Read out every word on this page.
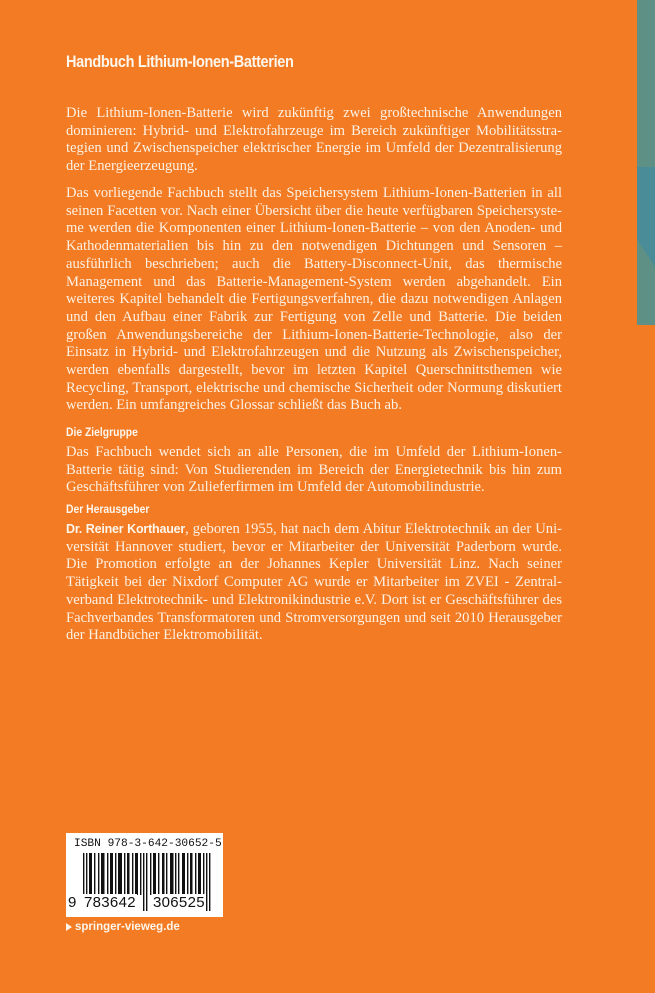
Handbuch Lithium-Ionen-Batterien

Die Lithium-Ionen-Batterie wird zukünftig zwei großtechnische Anwendungen dominieren: Hybrid- und Elektrofahrzeuge im Bereich zukünftiger Mobilitätsstrategien und Zwischenspeicher elektrischer Energie im Umfeld der Dezentralisierung der Energieerzeugung.

Das vorliegende Fachbuch stellt das Speichersystem Lithium-Ionen-Batterien in all seinen Facetten vor. Nach einer Übersicht über die heute verfügbaren Speichersysteme werden die Komponenten einer Lithium-Ionen-Batterie – von den Anoden- und Kathodenmaterialien bis hin zu den notwendigen Dichtungen und Sensoren – ausführlich beschrieben; auch die Battery-Disconnect-Unit, das thermische Management und das Batterie-Management-System werden abgehandelt. Ein weiteres Kapitel behandelt die Fertigungsverfahren, die dazu notwendigen Anlagen und den Aufbau einer Fabrik zur Fertigung von Zelle und Batterie. Die beiden großen Anwendungsbereiche der Lithium-Ionen-Batterie-Technologie, also der Einsatz in Hybrid- und Elektrofahrzeugen und die Nutzung als Zwischenspeicher, werden ebenfalls dargestellt, bevor im letzten Kapitel Querschnittsthemen wie Recycling, Transport, elektrische und chemische Sicherheit oder Normung diskutiert werden. Ein umfangreiches Glossar schließt das Buch ab.

Die Zielgruppe

Das Fachbuch wendet sich an alle Personen, die im Umfeld der Lithium-Ionen-Batterie tätig sind: Von Studierenden im Bereich der Energietechnik bis hin zum Geschäftsführer von Zulieferfirmen im Umfeld der Automobilindustrie.

Der Herausgeber

Dr. Reiner Korthauer, geboren 1955, hat nach dem Abitur Elektrotechnik an der Universität Hannover studiert, bevor er Mitarbeiter der Universität Paderborn wurde. Die Promotion erfolgte an der Johannes Kepler Universität Linz. Nach seiner Tätigkeit bei der Nixdorf Computer AG wurde er Mitarbeiter im ZVEI - Zentralverband Elektrotechnik- und Elektronikindustrie e.V. Dort ist er Geschäftsführer des Fachverbandes Transformatoren und Stromversorgungen und seit 2010 Herausgeber der Handbücher Elektromobilität.

ISBN 978-3-642-30652-5
9 783642 306525
springer-vieweg.de
